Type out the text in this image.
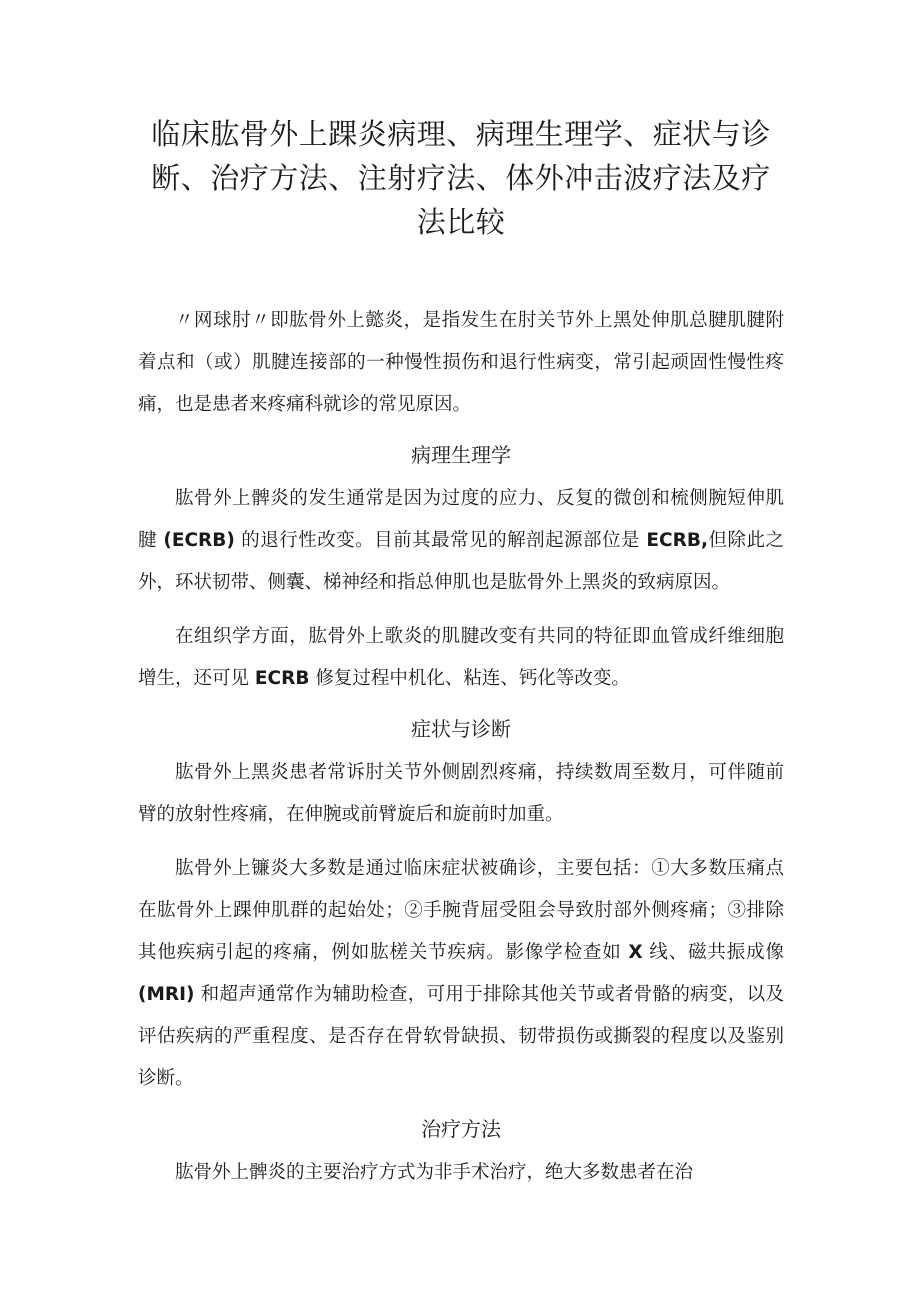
临床肱骨外上踝炎病理、病理生理学、症状与诊断、治疗方法、注射疗法、体外冲击波疗法及疗法比较

〃网球肘〃即肱骨外上懿炎，是指发生在肘关节外上黑处伸肌总腱肌腱附着点和（或）肌腱连接部的一种慢性损伤和退行性病变，常引起顽固性慢性疼痛，也是患者来疼痛科就诊的常见原因。

病理生理学

肱骨外上髀炎的发生通常是因为过度的应力、反复的微创和梳侧腕短伸肌腱 (ECRB) 的退行性改变。目前其最常见的解剖起源部位是 ECRB,但除此之外，环状韧带、侧囊、梯神经和指总伸肌也是肱骨外上黑炎的致病原因。

在组织学方面，肱骨外上歌炎的肌腱改变有共同的特征即血管成纤维细胞增生，还可见 ECRB 修复过程中机化、粘连、钙化等改变。

症状与诊断

肱骨外上黑炎患者常诉肘关节外侧剧烈疼痛，持续数周至数月，可伴随前臂的放射性疼痛，在伸腕或前臂旋后和旋前时加重。

肱骨外上镰炎大多数是通过临床症状被确诊，主要包括：①大多数压痛点在肱骨外上踝伸肌群的起始处；②手腕背屈受阻会导致肘部外侧疼痛；③排除其他疾病引起的疼痛，例如肱槎关节疾病。影像学检查如 X 线、磁共振成像 (MRI) 和超声通常作为辅助检查，可用于排除其他关节或者骨骼的病变，以及评估疾病的严重程度、是否存在骨软骨缺损、韧带损伤或撕裂的程度以及鉴别诊断。

治疗方法

肱骨外上髀炎的主要治疗方式为非手术治疗，绝大多数患者在治
